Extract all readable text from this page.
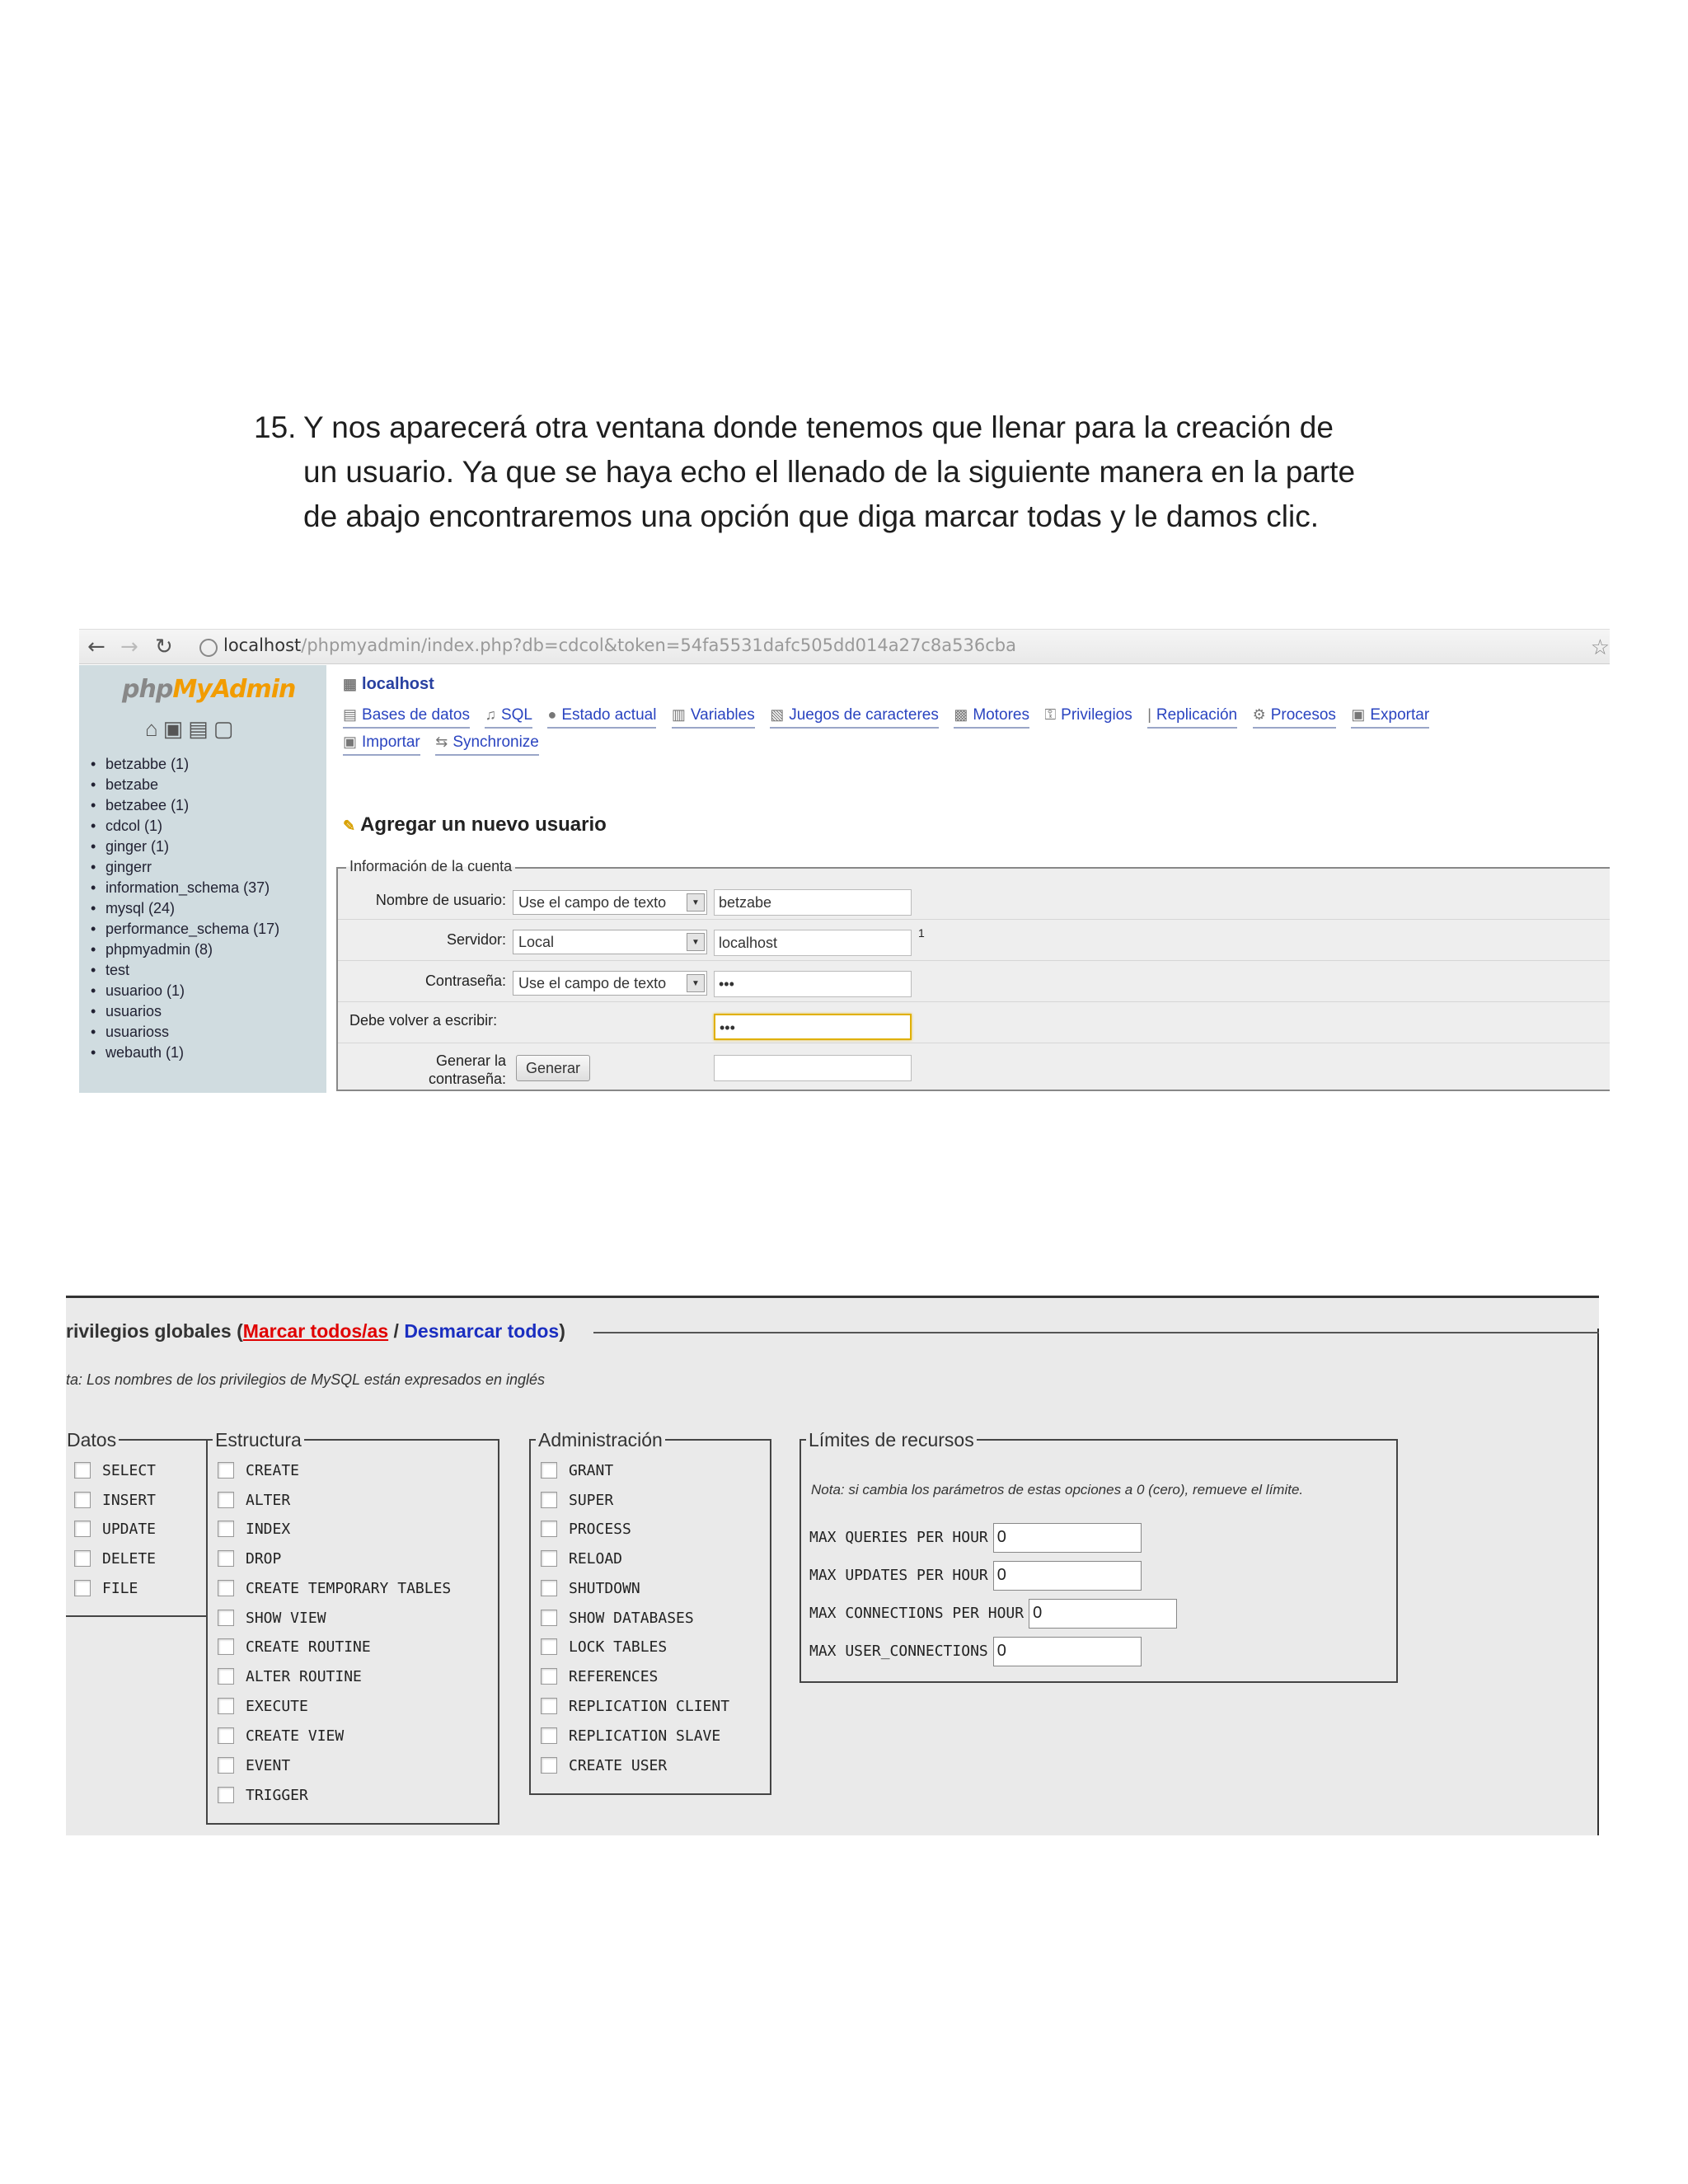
15. Y nos aparecerá otra ventana donde tenemos que llenar para la creación de
un usuario. Ya que se haya echo el llenado de la siguiente manera en la parte
de abajo encontraremos una opción que diga marcar todas y le damos clic.
← → ↻	localhost/phpmyadmin/index.php?db=cdcol&token=54fa5531dafc505dd014a27c8a536cba	☆
phpMyAdmin
⌂▣▤▢
• betzabbe (1)
• betzabe
• betzabee (1)
• cdcol (1)
• ginger (1)
• gingerr
• information_schema (37)
• mysql (24)
• performance_schema (17)
• phpmyadmin (8)
• test
• usuarioo (1)
• usuarios
• usuarioss
• webauth (1)
▦ localhost
▤ Bases de datos ♫ SQL ● Estado actual ▥ Variables ▧ Juegos de caracteres ▩ Motores ⚿ Privilegios | Replicación ⚙ Procesos ▣ Exportar
▣ Importar ⇆ Synchronize
✎ Agregar un nuevo usuario
Información de la cuenta
Nombre de usuario: Use el campo de texto	▼	betzabe
Servidor: Local	▼	localhost
1
Contraseña: Use el campo de texto	▼	•••
Debe volver a escribir:	•••
Generar la
contraseña:
Generar
rivilegios globales (Marcar todos/as / Desmarcar todos)
ta: Los nombres de los privilegios de MySQL están expresados en inglés
Datos
SELECT
INSERT
UPDATE
DELETE
FILE
Estructura
CREATE
ALTER
INDEX
DROP
CREATE TEMPORARY TABLES
SHOW VIEW
CREATE ROUTINE
ALTER ROUTINE
EXECUTE
CREATE VIEW
EVENT
TRIGGER
Administración
GRANT
SUPER
PROCESS
RELOAD
SHUTDOWN
SHOW DATABASES
LOCK TABLES
REFERENCES
REPLICATION CLIENT
REPLICATION SLAVE
CREATE USER
Límites de recursos
Nota: si cambia los parámetros de estas opciones a 0 (cero), remueve el límite.
MAX QUERIES PER HOUR 0
MAX UPDATES PER HOUR 0
MAX CONNECTIONS PER HOUR 0
MAX USER_CONNECTIONS 0
